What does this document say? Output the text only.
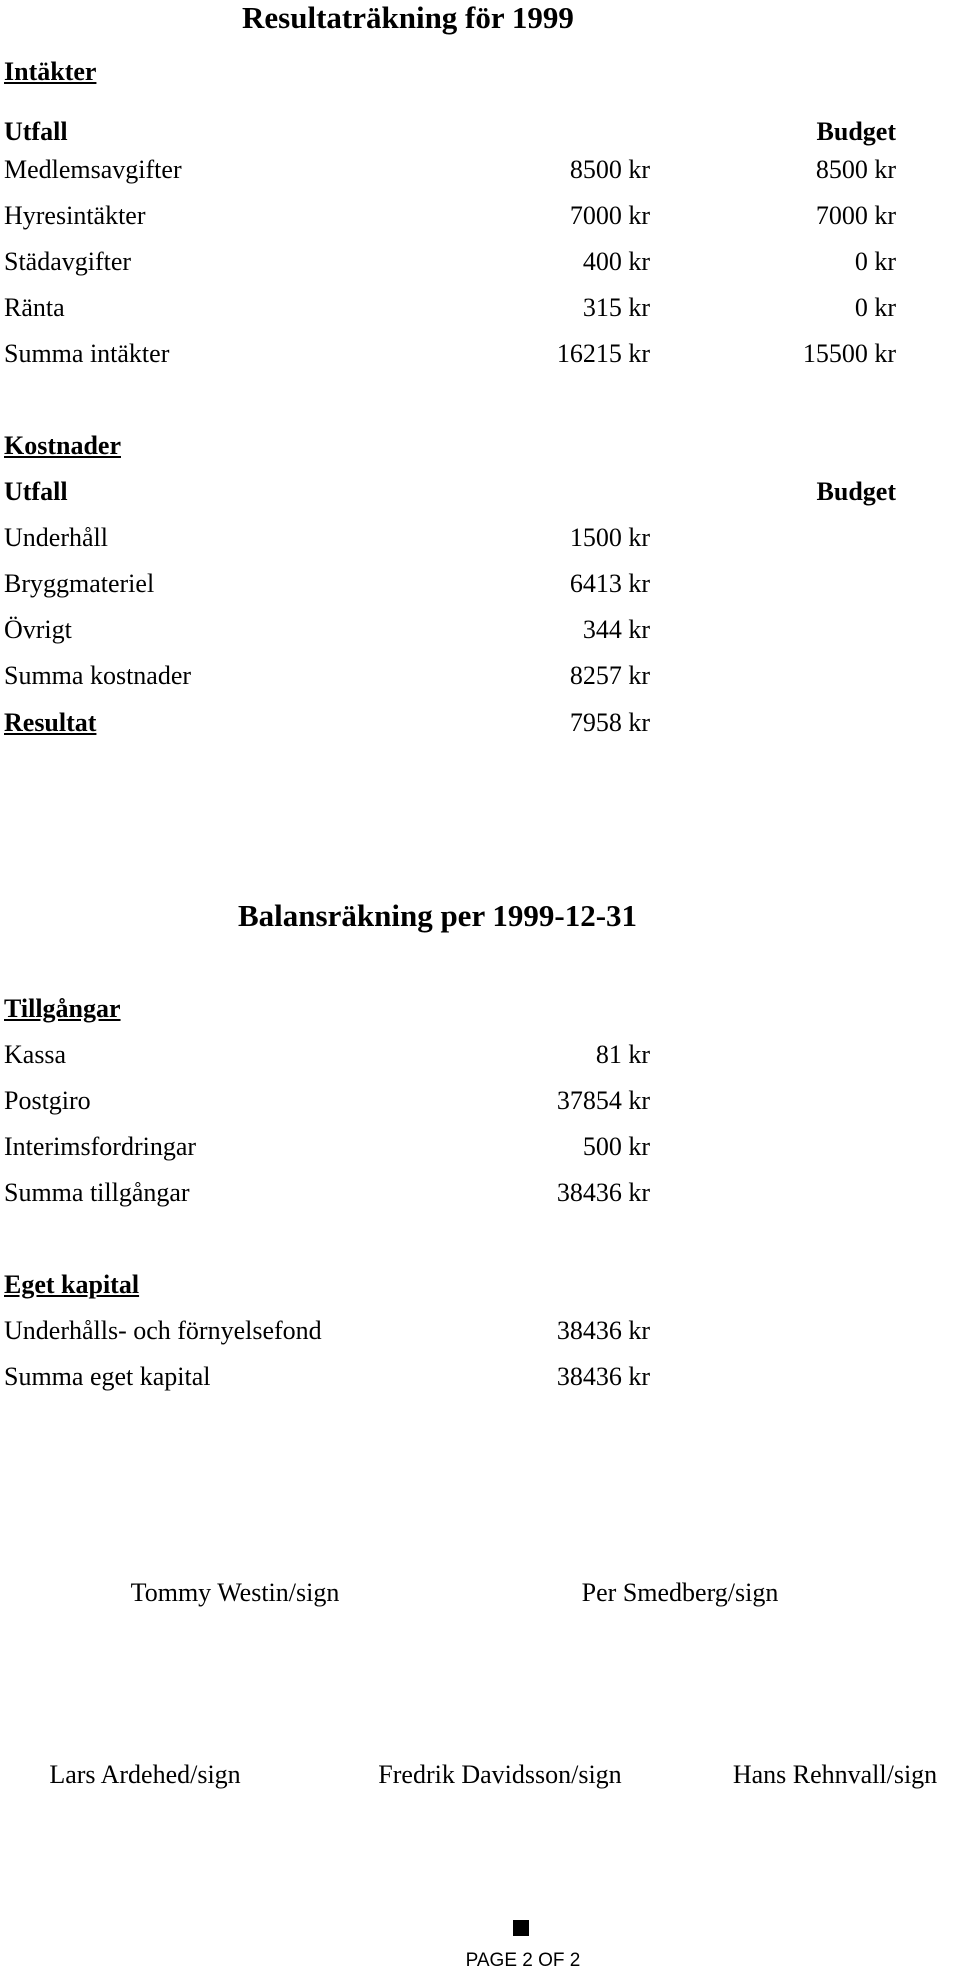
Resultaträkning för 1999
Intäkter
Utfall	Budget
Medlemsavgifter	8500 kr	8500 kr
Hyresintäkter	7000 kr	7000 kr
Städavgifter	400 kr	0 kr
Ränta	315 kr	0 kr
Summa intäkter	16215 kr	15500 kr
Kostnader
Utfall	Budget
Underhåll	1500 kr
Bryggmateriel	6413 kr
Övrigt	344 kr
Summa kostnader	8257 kr
Resultat	7958 kr
Balansräkning per 1999-12-31
Tillgångar
Kassa	81 kr
Postgiro	37854 kr
Interimsfordringar	500 kr
Summa tillgångar	38436 kr
Eget kapital
Underhålls- och förnyelsefond	38436 kr
Summa eget kapital	38436 kr
Tommy Westin/sign	Per Smedberg/sign
Lars Ardehed/sign	Fredrik Davidsson/sign	Hans Rehnvall/sign
PAGE 2 OF 2
